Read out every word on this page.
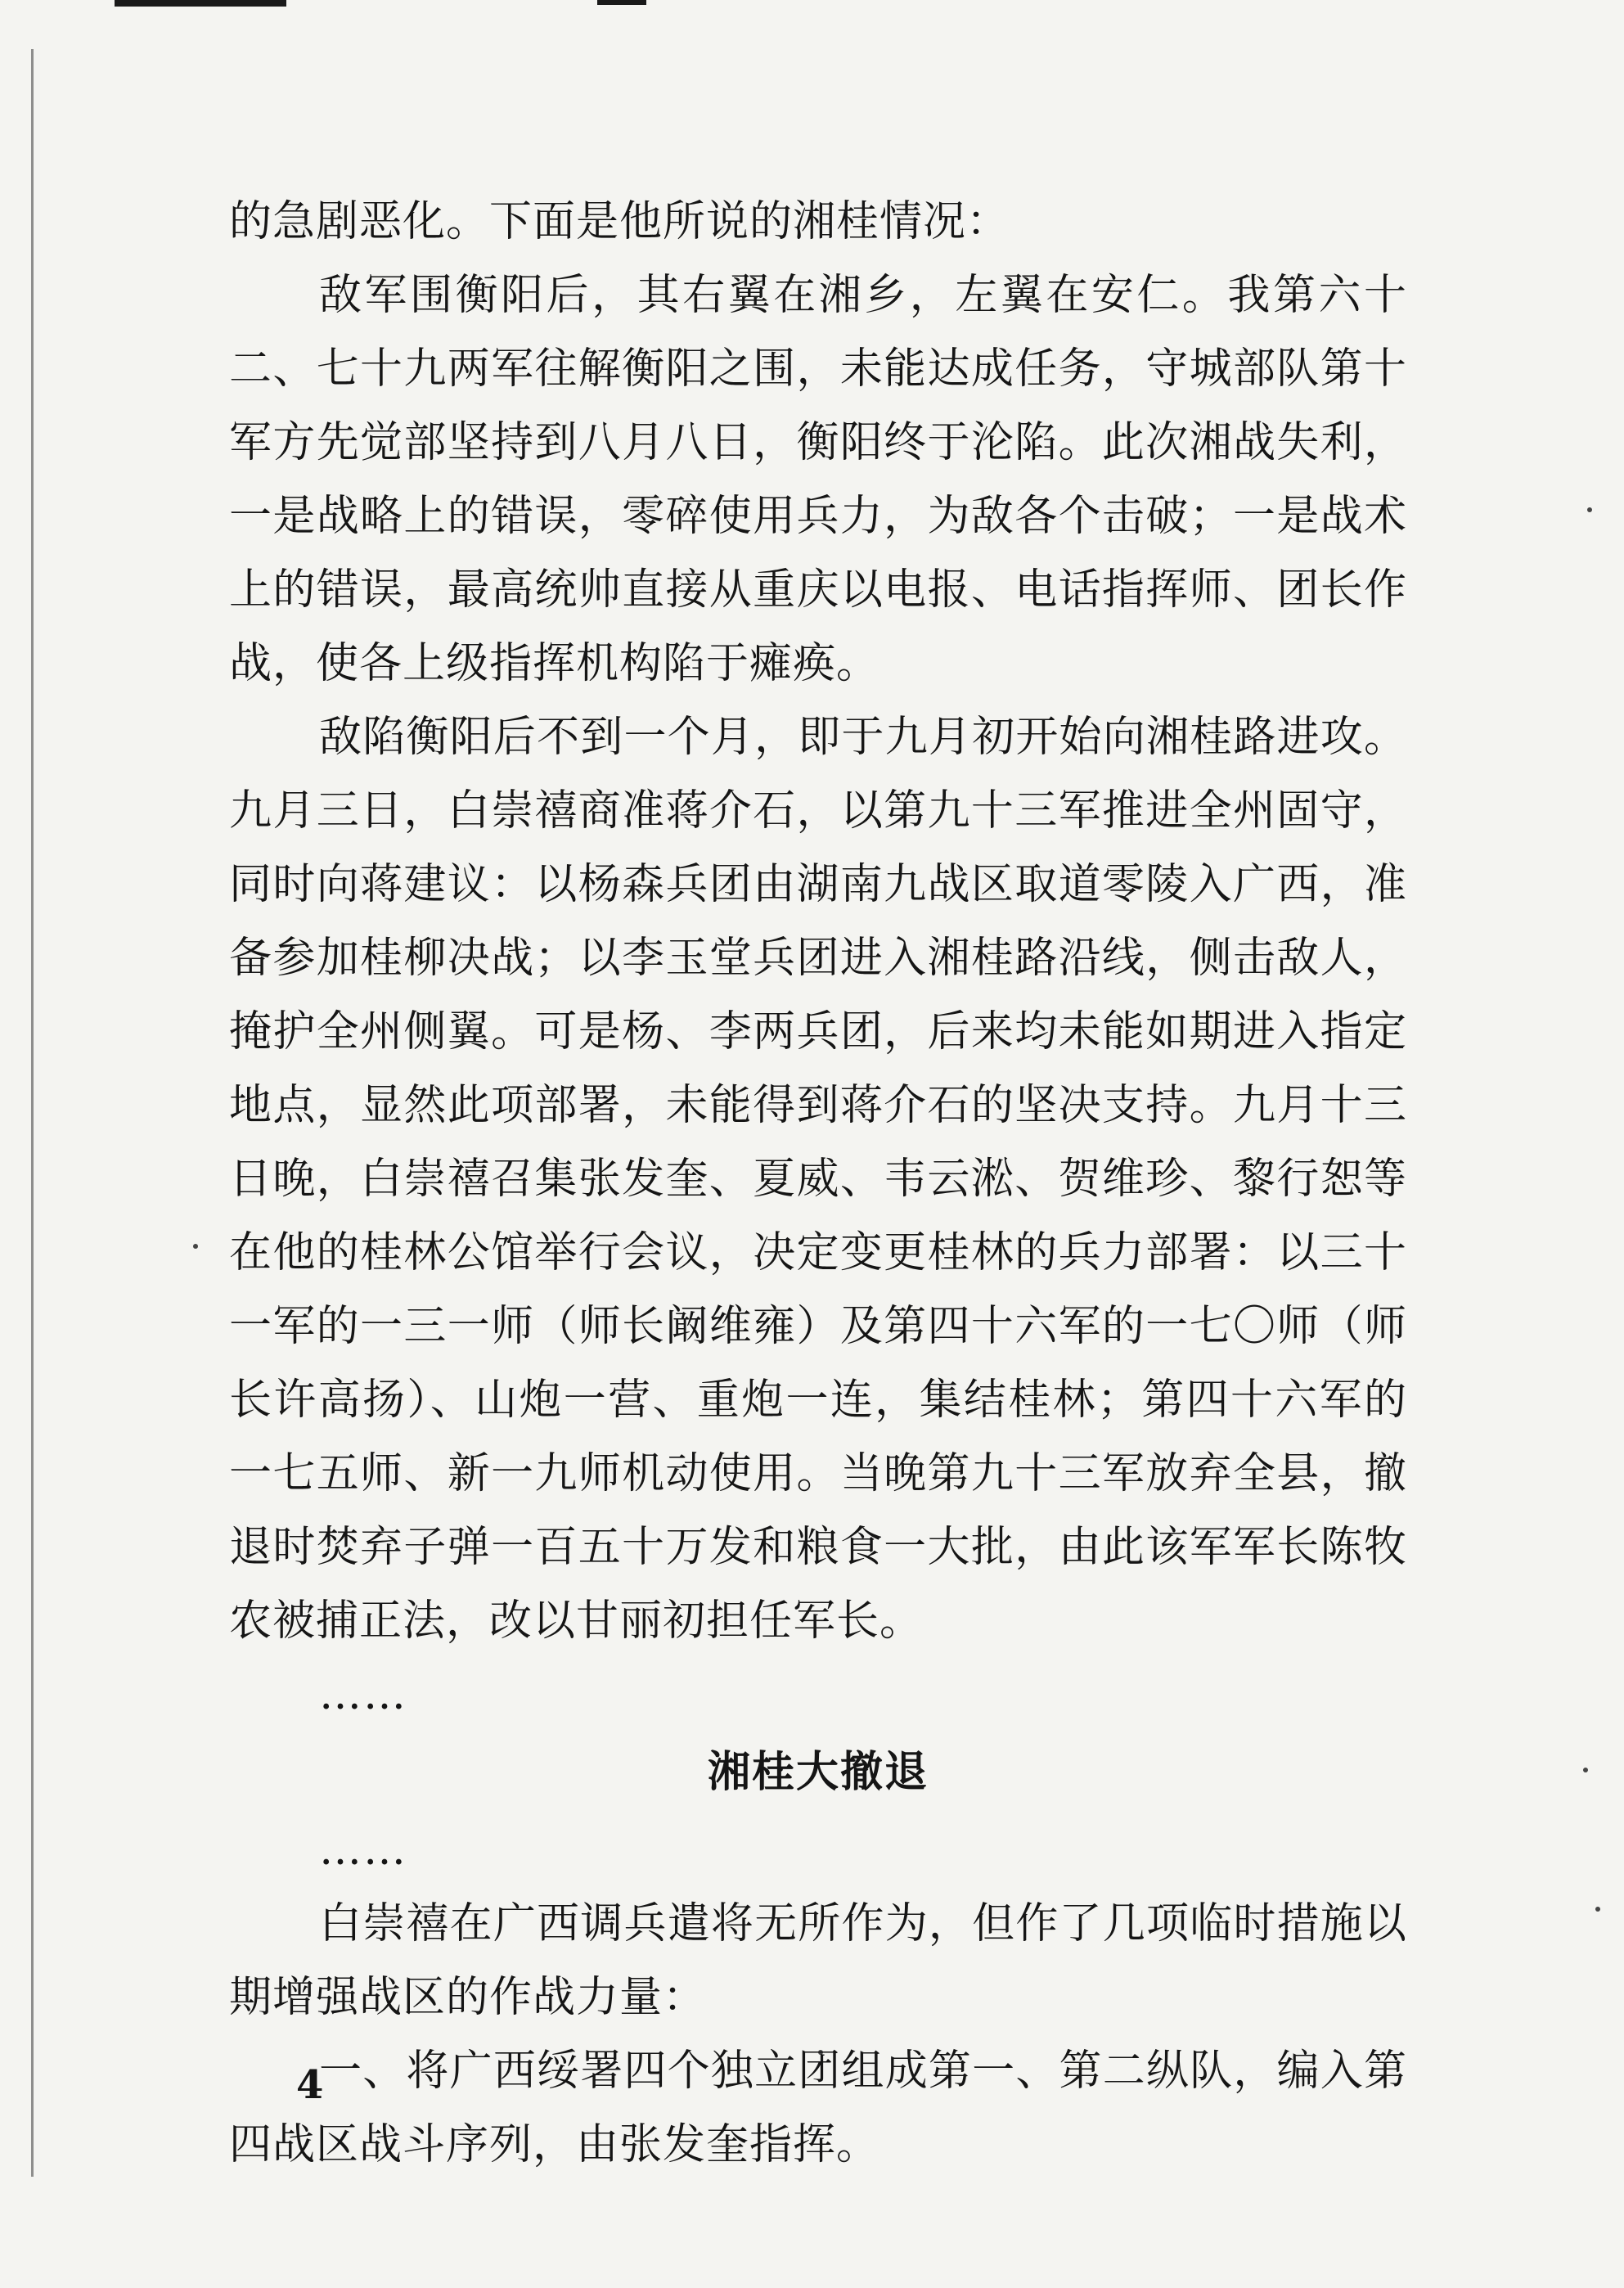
的急剧恶化。下面是他所说的湘桂情况：

敌军围衡阳后，其右翼在湘乡，左翼在安仁。我第六十二、七十九两军往解衡阳之围，未能达成任务，守城部队第十军方先觉部坚持到八月八日，衡阳终于沦陷。此次湘战失利，一是战略上的错误，零碎使用兵力，为敌各个击破；一是战术上的错误，最高统帅直接从重庆以电报、电话指挥师、团长作战，使各上级指挥机构陷于瘫痪。

敌陷衡阳后不到一个月，即于九月初开始向湘桂路进攻。九月三日，白崇禧商准蒋介石，以第九十三军推进全州固守，同时向蒋建议：以杨森兵团由湖南九战区取道零陵入广西，准备参加桂柳决战；以李玉堂兵团进入湘桂路沿线，侧击敌人，掩护全州侧翼。可是杨、李两兵团，后来均未能如期进入指定地点，显然此项部署，未能得到蒋介石的坚决支持。九月十三日晚，白崇禧召集张发奎、夏威、韦云淞、贺维珍、黎行恕等在他的桂林公馆举行会议，决定变更桂林的兵力部署：以三十一军的一三一师（师长阚维雍）及第四十六军的一七〇师（师长许高扬）、山炮一营、重炮一连，集结桂林；第四十六军的一七五师、新一九师机动使用。当晚第九十三军放弃全县，撤退时焚弃子弹一百五十万发和粮食一大批，由此该军军长陈牧农被捕正法，改以甘丽初担任军长。

……

湘桂大撤退

……

白崇禧在广西调兵遣将无所作为，但作了几项临时措施以期增强战区的作战力量：

一、将广西绥署四个独立团组成第一、第二纵队，编入第四战区战斗序列，由张发奎指挥。

4
